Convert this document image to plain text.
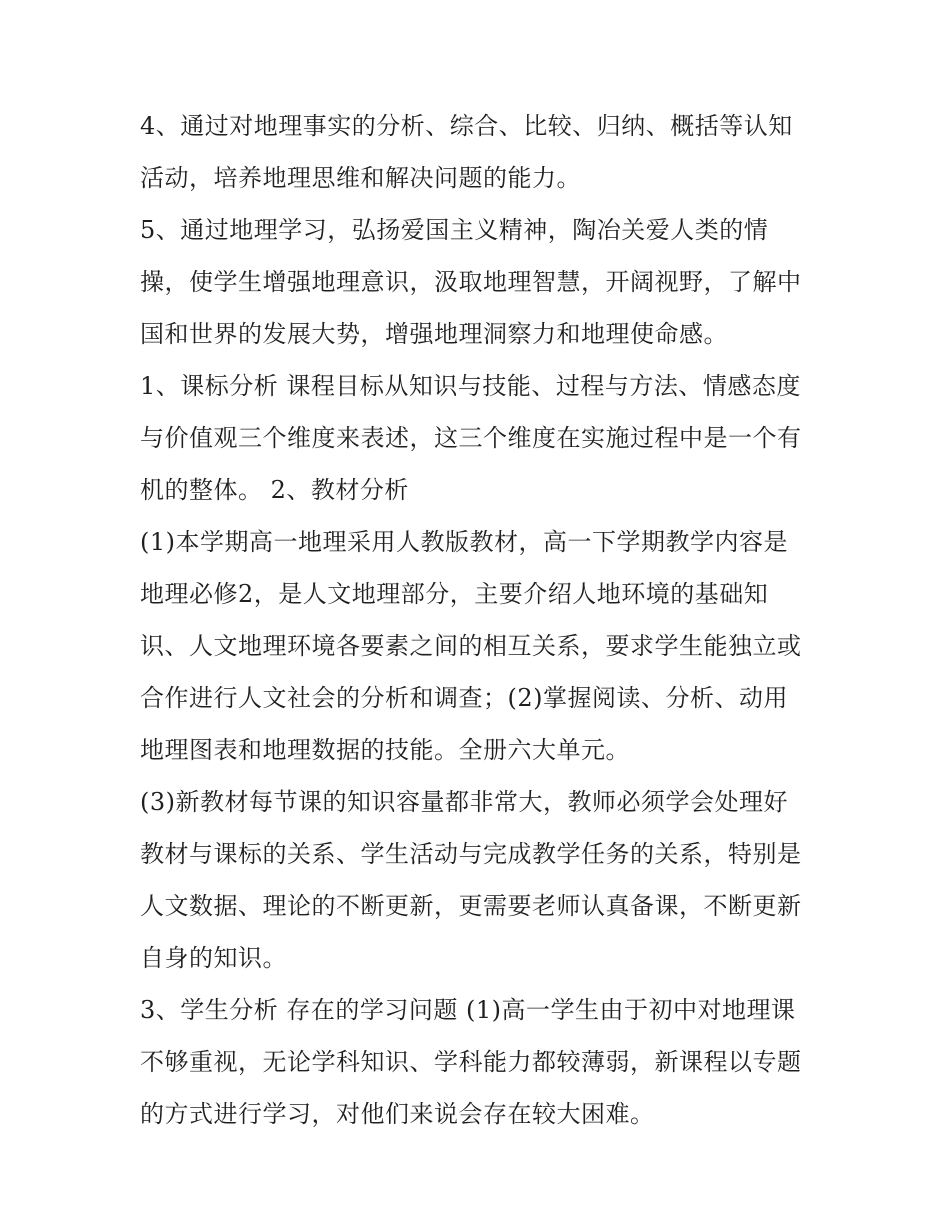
4、通过对地理事实的分析、综合、比较、归纳、概括等认知
活动，培养地理思维和解决问题的能力。
5、通过地理学习，弘扬爱国主义精神，陶冶关爱人类的情
操，使学生增强地理意识，汲取地理智慧，开阔视野，了解中
国和世界的发展大势，增强地理洞察力和地理使命感。
1、课标分析 课程目标从知识与技能、过程与方法、情感态度
与价值观三个维度来表述，这三个维度在实施过程中是一个有
机的整体。 2、教材分析
(1)本学期高一地理采用人教版教材，高一下学期教学内容是
地理必修2，是人文地理部分，主要介绍人地环境的基础知
识、人文地理环境各要素之间的相互关系，要求学生能独立或
合作进行人文社会的分析和调查；(2)掌握阅读、分析、动用
地理图表和地理数据的技能。全册六大单元。
(3)新教材每节课的知识容量都非常大，教师必须学会处理好
教材与课标的关系、学生活动与完成教学任务的关系，特别是
人文数据、理论的不断更新，更需要老师认真备课，不断更新
自身的知识。
3、学生分析 存在的学习问题 (1)高一学生由于初中对地理课
不够重视，无论学科知识、学科能力都较薄弱，新课程以专题
的方式进行学习，对他们来说会存在较大困难。
